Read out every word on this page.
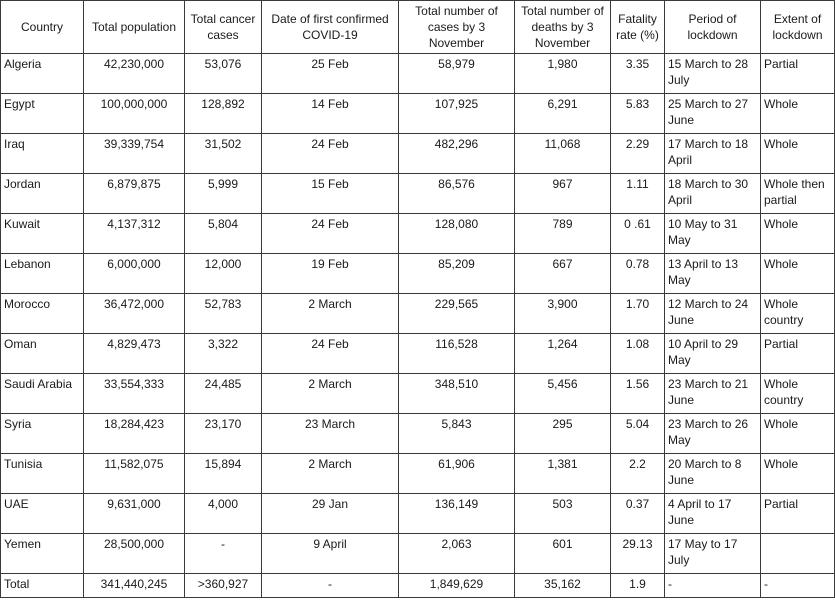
Country	Total population	Total cancer cases	Date of first confirmed COVID-19	Total number of cases by 3 November	Total number of deaths by 3 November	Fatality rate (%)	Period of lockdown	Extent of lockdown
Algeria	42,230,000	53,076	25 Feb	58,979	1,980	3.35	15 March to 28 July	Partial
Egypt	100,000,000	128,892	14 Feb	107,925	6,291	5.83	25 March to 27 June	Whole
Iraq	39,339,754	31,502	24 Feb	482,296	11,068	2.29	17 March to 18 April	Whole
Jordan	6,879,875	5,999	15 Feb	86,576	967	1.11	18 March to 30 April	Whole then partial
Kuwait	4,137,312	5,804	24 Feb	128,080	789	0 .61	10 May to 31 May	Whole
Lebanon	6,000,000	12,000	19 Feb	85,209	667	0.78	13 April to 13 May	Whole
Morocco	36,472,000	52,783	2 March	229,565	3,900	1.70	12 March to 24 June	Whole country
Oman	4,829,473	3,322	24 Feb	116,528	1,264	1.08	10 April to 29 May	Partial
Saudi Arabia	33,554,333	24,485	2 March	348,510	5,456	1.56	23 March to 21 June	Whole country
Syria	18,284,423	23,170	23 March	5,843	295	5.04	23 March to 26 May	Whole
Tunisia	11,582,075	15,894	2 March	61,906	1,381	2.2	20 March to 8 June	Whole
UAE	9,631,000	4,000	29 Jan	136,149	503	0.37	4 April to 17 June	Partial
Yemen	28,500,000	-	9 April	2,063	601	29.13	17 May to 17 July	
Total	341,440,245	>360,927	-	1,849,629	35,162	1.9	-	-
